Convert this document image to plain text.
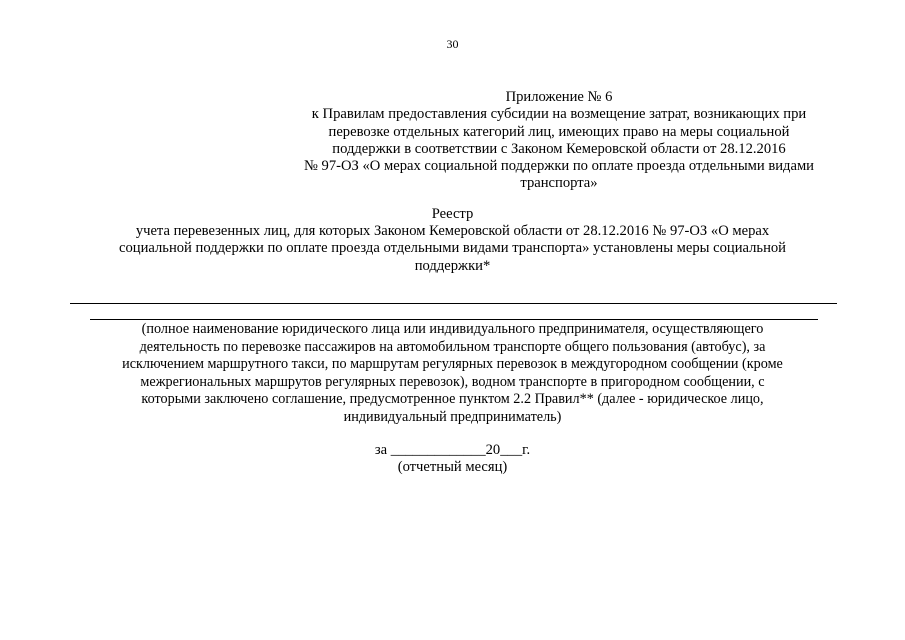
30
Приложение № 6
к Правилам предоставления субсидии на возмещение затрат, возникающих при
перевозке отдельных категорий лиц, имеющих право на меры социальной
поддержки в соответствии с Законом Кемеровской области от 28.12.2016
№ 97-ОЗ «О мерах социальной поддержки по оплате проезда отдельными видами
транспорта»
Реестр
учета перевезенных лиц, для которых Законом Кемеровской области от 28.12.2016 № 97-ОЗ «О мерах
социальной поддержки по оплате проезда отдельными видами транспорта» установлены меры социальной
поддержки*
(полное наименование юридического лица или индивидуального предпринимателя, осуществляющего
деятельность по перевозке пассажиров на автомобильном транспорте общего пользования (автобус), за
исключением маршрутного такси, по маршрутам регулярных перевозок в междугородном сообщении (кроме
межрегиональных маршрутов регулярных перевозок), водном транспорте в пригородном сообщении, с
которыми заключено соглашение, предусмотренное пунктом 2.2 Правил** (далее - юридическое лицо,
индивидуальный предприниматель)
за _____________20___г.
(отчетный месяц)
